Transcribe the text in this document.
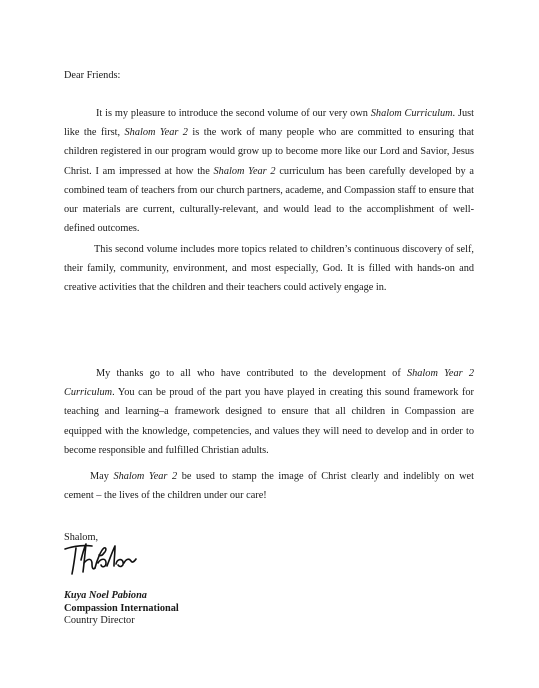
Dear Friends:

It is my pleasure to introduce the second volume of our very own Shalom Curriculum. Just like the first, Shalom Year 2 is the work of many people who are committed to ensuring that children registered in our program would grow up to become more like our Lord and Savior, Jesus Christ. I am impressed at how the Shalom Year 2 curriculum has been carefully developed by a combined team of teachers from our church partners, academe, and Compassion staff to ensure that our materials are current, culturally-relevant, and would lead to the accomplishment of well-defined outcomes.

This second volume includes more topics related to children’s continuous discovery of self, their family, community, environment, and most especially, God. It is filled with hands-on and creative activities that the children and their teachers could actively engage in.

My thanks go to all who have contributed to the development of Shalom Year 2 Curriculum. You can be proud of the part you have played in creating this sound framework for teaching and learning–a framework designed to ensure that all children in Compassion are equipped with the knowledge, competencies, and values they will need to develop and in order to become responsible and fulfilled Christian adults.

May Shalom Year 2 be used to stamp the image of Christ clearly and indelibly on wet cement – the lives of the children under our care!

Shalom,
Kuya Noel Pabiona
Compassion International
Country Director
